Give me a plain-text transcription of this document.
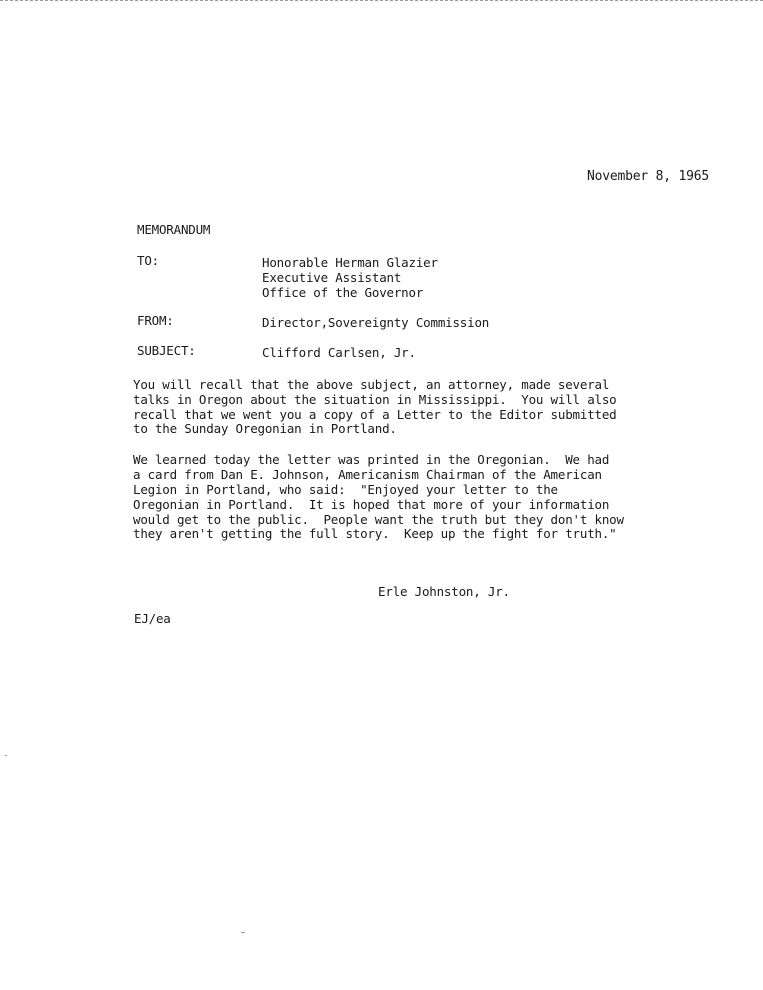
November 8, 1965
MEMORANDUM
TO:	Honorable Herman Glazier
Executive Assistant
Office of the Governor
FROM:	Director,Sovereignty Commission
SUBJECT:	Clifford Carlsen, Jr.
You will recall that the above subject, an attorney, made several
talks in Oregon about the situation in Mississippi.  You will also
recall that we went you a copy of a Letter to the Editor submitted
to the Sunday Oregonian in Portland.
We learned today the letter was printed in the Oregonian.  We had
a card from Dan E. Johnson, Americanism Chairman of the American
Legion in Portland, who said:  "Enjoyed your letter to the
Oregonian in Portland.  It is hoped that more of your information
would get to the public.  People want the truth but they don't know
they aren't getting the full story.  Keep up the fight for truth."
Erle Johnston, Jr.
EJ/ea
